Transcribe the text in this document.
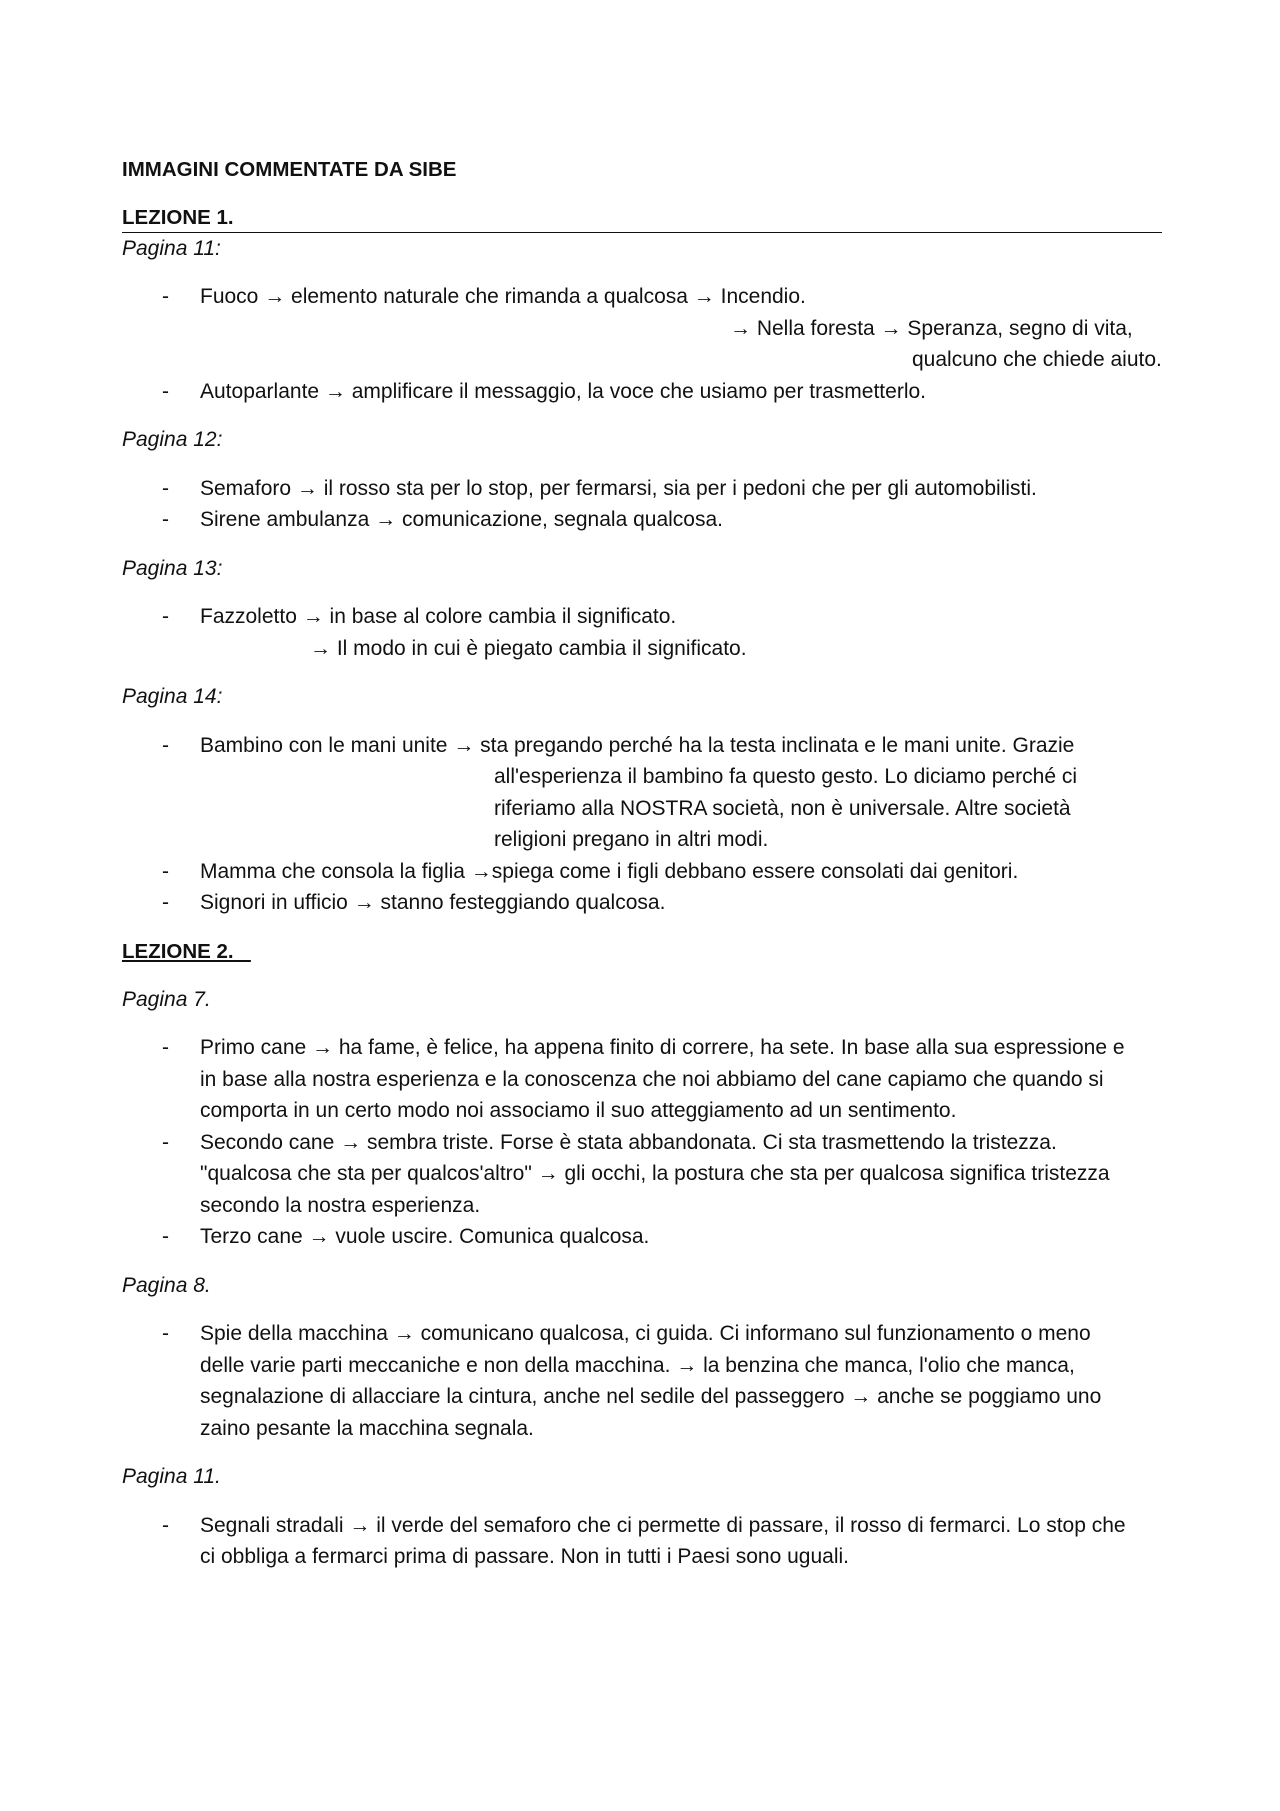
IMMAGINI COMMENTATE DA SIBE

LEZIONE 1.

Pagina 11:

- Fuoco → elemento naturale che rimanda a qualcosa → Incendio.
→ Nella foresta → Speranza, segno di vita,
qualcuno che chiede aiuto.
- Autoparlante → amplificare il messaggio, la voce che usiamo per trasmetterlo.

Pagina 12:

- Semaforo → il rosso sta per lo stop, per fermarsi, sia per i pedoni che per gli automobilisti.
- Sirene ambulanza → comunicazione, segnala qualcosa.

Pagina 13:

- Fazzoletto → in base al colore cambia il significato.
→ Il modo in cui è piegato cambia il significato.

Pagina 14:

- Bambino con le mani unite → sta pregando perché ha la testa inclinata e le mani unite. Grazie
all'esperienza il bambino fa questo gesto. Lo diciamo perché ci
riferiamo alla NOSTRA società, non è universale. Altre società
religioni pregano in altri modi.
- Mamma che consola la figlia →spiega come i figli debbano essere consolati dai genitori.
- Signori in ufficio → stanno festeggiando qualcosa.

LEZIONE 2.

Pagina 7.

- Primo cane → ha fame, è felice, ha appena finito di correre, ha sete. In base alla sua espressione e
in base alla nostra esperienza e la conoscenza che noi abbiamo del cane capiamo che quando si
comporta in un certo modo noi associamo il suo atteggiamento ad un sentimento.
- Secondo cane → sembra triste. Forse è stata abbandonata. Ci sta trasmettendo la tristezza.
"qualcosa che sta per qualcos'altro" → gli occhi, la postura che sta per qualcosa significa tristezza
secondo la nostra esperienza.
- Terzo cane → vuole uscire. Comunica qualcosa.

Pagina 8.

- Spie della macchina → comunicano qualcosa, ci guida. Ci informano sul funzionamento o meno
delle varie parti meccaniche e non della macchina. → la benzina che manca, l'olio che manca,
segnalazione di allacciare la cintura, anche nel sedile del passeggero → anche se poggiamo uno
zaino pesante la macchina segnala.

Pagina 11.

- Segnali stradali → il verde del semaforo che ci permette di passare, il rosso di fermarci. Lo stop che
ci obbliga a fermarci prima di passare. Non in tutti i Paesi sono uguali.
